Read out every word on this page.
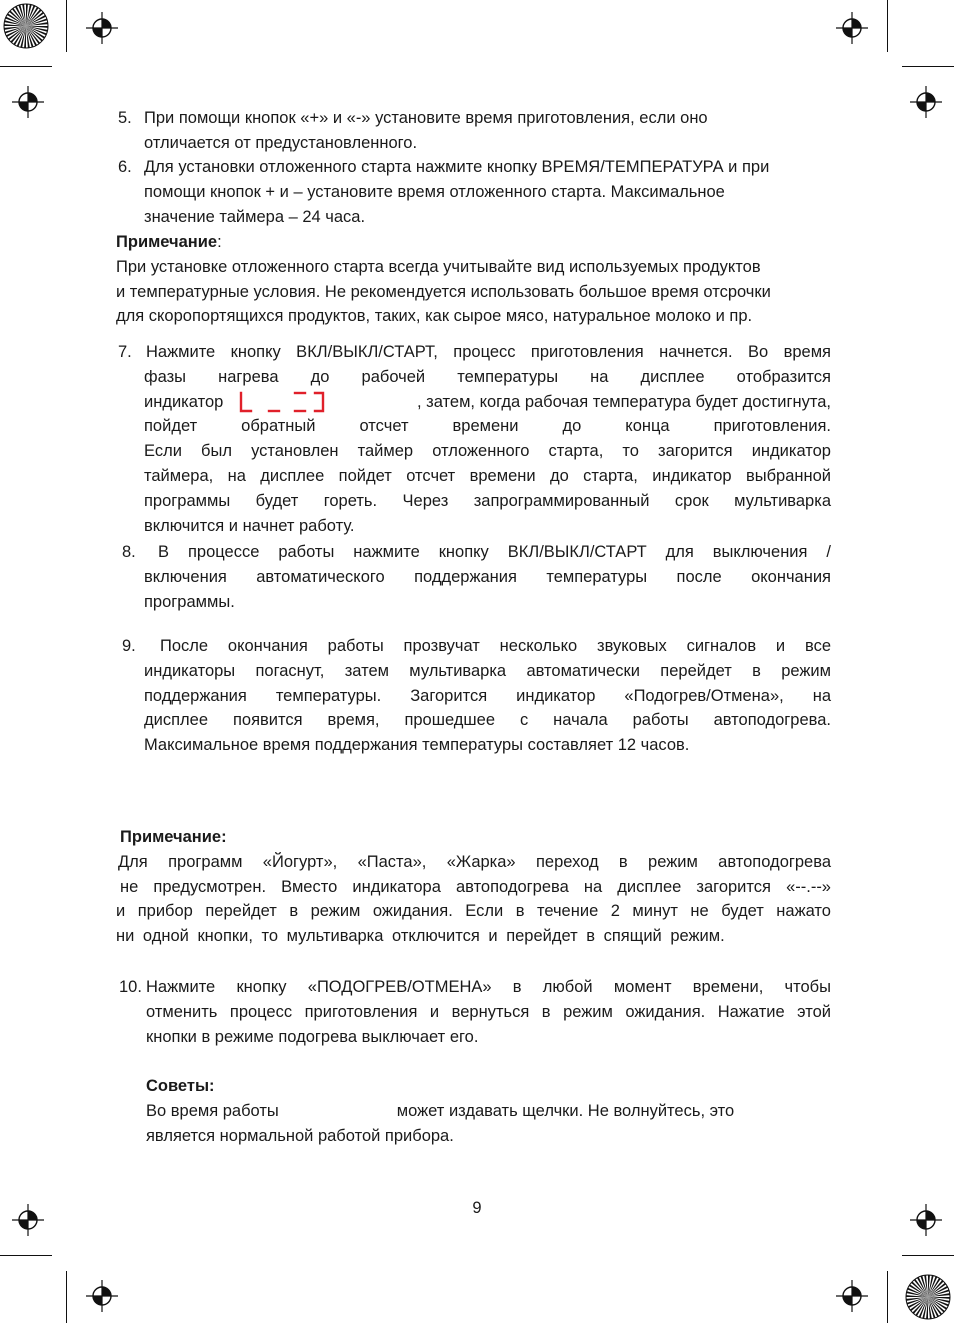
5. При помощи кнопок «+» и «-» установите время приготовления, если оно
отличается от предустановленного.
6. Для установки отложенного старта нажмите кнопку ВРЕМЯ/ТЕМПЕРАТУРА и при
помощи кнопок + и – установите время отложенного старта. Максимальное
значение таймера – 24 часа.
Примечание:
При установке отложенного старта всегда учитывайте вид используемых продуктов
и температурные условия. Не рекомендуется использовать большое время отсрочки
для скоропортящихся продуктов, таких, как сырое мясо, натуральное молоко и пр.
7. Нажмите кнопку ВКЛ/ВЫКЛ/СТАРТ, процесс приготовления начнется. Во время
фазы нагрева до рабочей температуры на дисплее отобразится
индикатор	, затем, когда рабочая температура будет достигнута,
пойдет обратный отсчет времени до конца приготовления.
Если был установлен таймер отложенного старта, то загорится индикатор
таймера, на дисплее пойдет отсчет времени до старта, индикатор выбранной
программы будет гореть. Через запрограммированный срок мультиварка
включится и начнет работу.
8.	В процессе работы нажмите кнопку ВКЛ/ВЫКЛ/СТАРТ для выключения /
включения автоматического поддержания температуры после окончания
программы.
9.	После окончания работы прозвучат несколько звуковых сигналов и все
индикаторы погаснут, затем мультиварка автоматически перейдет в режим
поддержания температуры. Загорится индикатор «Подогрев/Отмена», на
дисплее появится время, прошедшее с начала работы автоподогрева.
Максимальное время поддержания температуры составляет 12 часов.
Примечание:
Для программ «Йогурт», «Паста», «Жарка» переход в режим автоподогрева
не предусмотрен. Вместо индикатора автоподогрева на дисплее загорится «--.--»
и прибор перейдет в режим ожидания. Если в течение 2 минут не будет нажато
ни одной кнопки, то мультиварка отключится и перейдет в спящий режим.
10. Нажмите кнопку «ПОДОГРЕВ/ОТМЕНА» в любой момент времени, чтобы
отменить процесс приготовления и вернуться в режим ожидания. Нажатие этой
кнопки в режиме подогрева выключает его.
Советы:
Во время работы	может издавать щелчки. Не волнуйтесь, это
является нормальной работой прибора.
9
